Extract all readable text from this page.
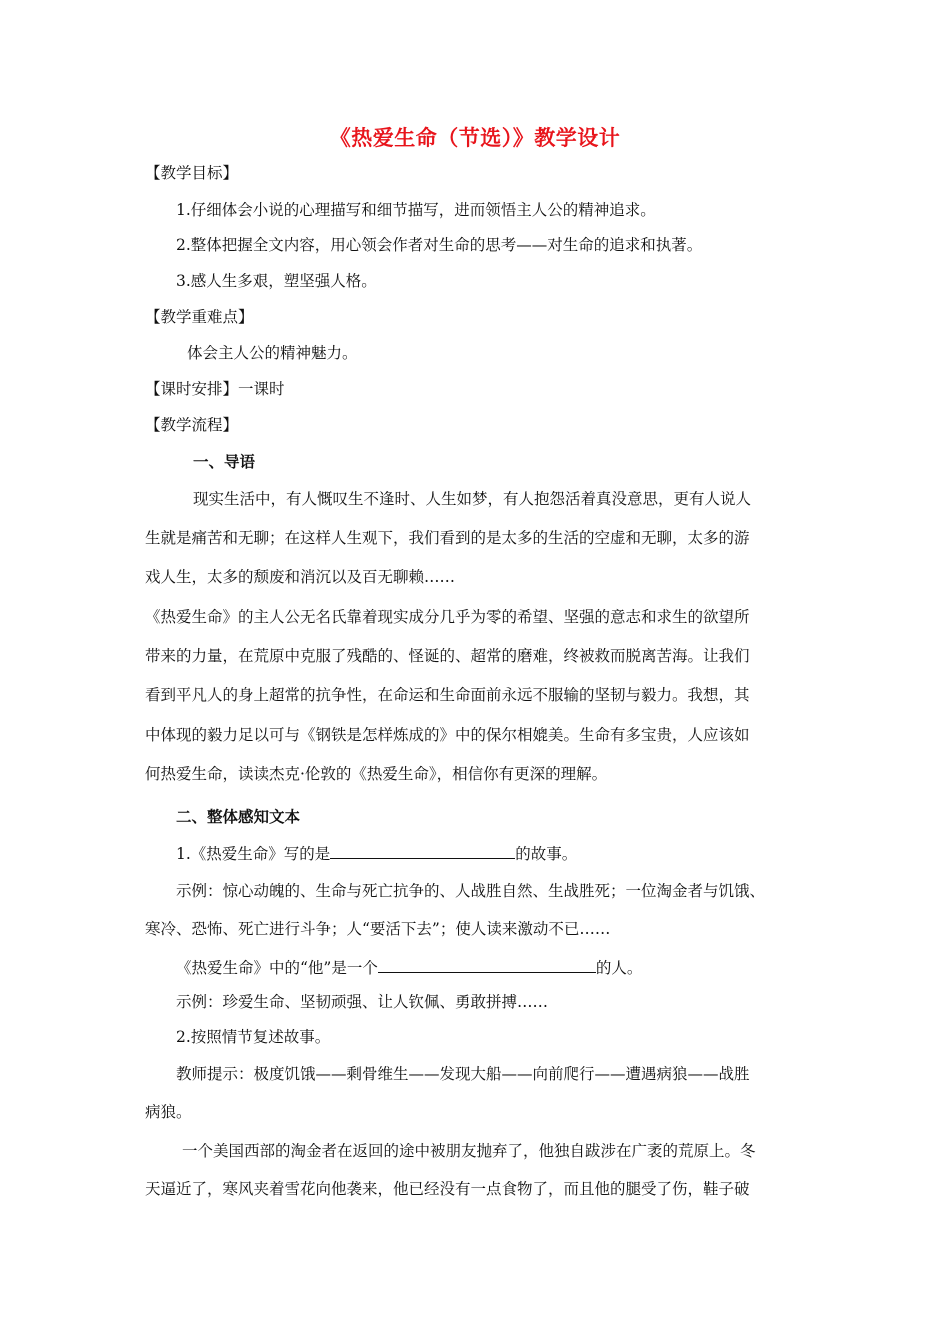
《热爱生命（节选）》教学设计
【教学目标】
1.仔细体会小说的心理描写和细节描写，进而领悟主人公的精神追求。
2.整体把握全文内容，用心领会作者对生命的思考——对生命的追求和执著。
3.感人生多艰，塑坚强人格。
【教学重难点】
体会主人公的精神魅力。
【课时安排】一课时
【教学流程】
一、导语
现实生活中，有人慨叹生不逢时、人生如梦，有人抱怨活着真没意思，更有人说人
生就是痛苦和无聊；在这样人生观下，我们看到的是太多的生活的空虚和无聊，太多的游
戏人生，太多的颓废和消沉以及百无聊赖……
《热爱生命》的主人公无名氏靠着现实成分几乎为零的希望、坚强的意志和求生的欲望所
带来的力量，在荒原中克服了残酷的、怪诞的、超常的磨难，终被救而脱离苦海。让我们
看到平凡人的身上超常的抗争性，在命运和生命面前永远不服输的坚韧与毅力。我想，其
中体现的毅力足以可与《钢铁是怎样炼成的》中的保尔相媲美。生命有多宝贵，人应该如
何热爱生命，读读杰克·伦敦的《热爱生命》，相信你有更深的理解。
二、整体感知文本
1.《热爱生命》写的是	的故事。
示例：惊心动魄的、生命与死亡抗争的、人战胜自然、生战胜死；一位淘金者与饥饿、
寒冷、恐怖、死亡进行斗争；人“要活下去”；使人读来激动不已……
《热爱生命》中的“他”是一个	的人。
示例：珍爱生命、坚韧顽强、让人钦佩、勇敢拼搏……
2.按照情节复述故事。
教师提示：极度饥饿——剩骨维生——发现大船——向前爬行——遭遇病狼——战胜
病狼。
一个美国西部的淘金者在返回的途中被朋友抛弃了，他独自跋涉在广袤的荒原上。冬
天逼近了，寒风夹着雪花向他袭来，他已经没有一点食物了，而且他的腿受了伤，鞋子破
